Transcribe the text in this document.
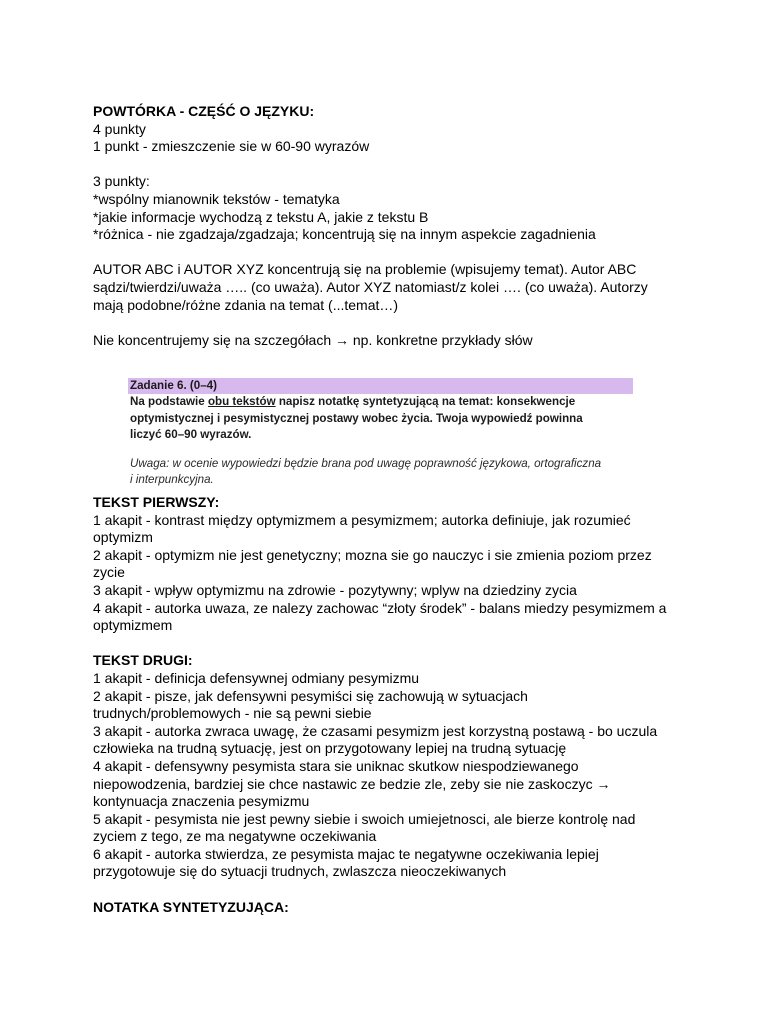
POWTÓRKA - CZĘŚĆ O JĘZYKU:
4 punkty
1 punkt - zmieszczenie sie w 60-90 wyrazów
3 punkty:
*wspólny mianownik tekstów - tematyka
*jakie informacje wychodzą z tekstu A, jakie z tekstu B
*różnica - nie zgadzaja/zgadzaja; koncentrują się na innym aspekcie zagadnienia
AUTOR ABC i AUTOR XYZ koncentrują się na problemie (wpisujemy temat). Autor ABC
sądzi/twierdzi/uważa ….. (co uważa). Autor XYZ natomiast/z kolei …. (co uważa). Autorzy
mają podobne/różne zdania na temat (...temat…)
Nie koncentrujemy się na szczegółach → np. konkretne przykłady słów
Zadanie 6. (0–4)
Na podstawie obu tekstów napisz notatkę syntetyzującą na temat: konsekwencje
optymistycznej i pesymistycznej postawy wobec życia. Twoja wypowiedź powinna
liczyć 60–90 wyrazów.
Uwaga: w ocenie wypowiedzi będzie brana pod uwagę poprawność językowa, ortograficzna
i interpunkcyjna.
TEKST PIERWSZY:
1 akapit - kontrast między optymizmem a pesymizmem; autorka definiuje, jak rozumieć
optymizm
2 akapit - optymizm nie jest genetyczny; mozna sie go nauczyc i sie zmienia poziom przez
zycie
3 akapit - wpływ optymizmu na zdrowie - pozytywny; wplyw na dziedziny zycia
4 akapit - autorka uwaza, ze nalezy zachowac “złoty środek” - balans miedzy pesymizmem a
optymizmem
TEKST DRUGI:
1 akapit - definicja defensywnej odmiany pesymizmu
2 akapit - pisze, jak defensywni pesymiści się zachowują w sytuacjach
trudnych/problemowych - nie są pewni siebie
3 akapit - autorka zwraca uwagę, że czasami pesymizm jest korzystną postawą - bo uczula
człowieka na trudną sytuację, jest on przygotowany lepiej na trudną sytuację
4 akapit - defensywny pesymista stara sie uniknac skutkow niespodziewanego
niepowodzenia, bardziej sie chce nastawic ze bedzie zle, zeby sie nie zaskoczyc →
kontynuacja znaczenia pesymizmu
5 akapit - pesymista nie jest pewny siebie i swoich umiejetnosci, ale bierze kontrolę nad
zyciem z tego, ze ma negatywne oczekiwania
6 akapit - autorka stwierdza, ze pesymista majac te negatywne oczekiwania lepiej
przygotowuje się do sytuacji trudnych, zwlaszcza nieoczekiwanych
NOTATKA SYNTETYZUJĄCA:
